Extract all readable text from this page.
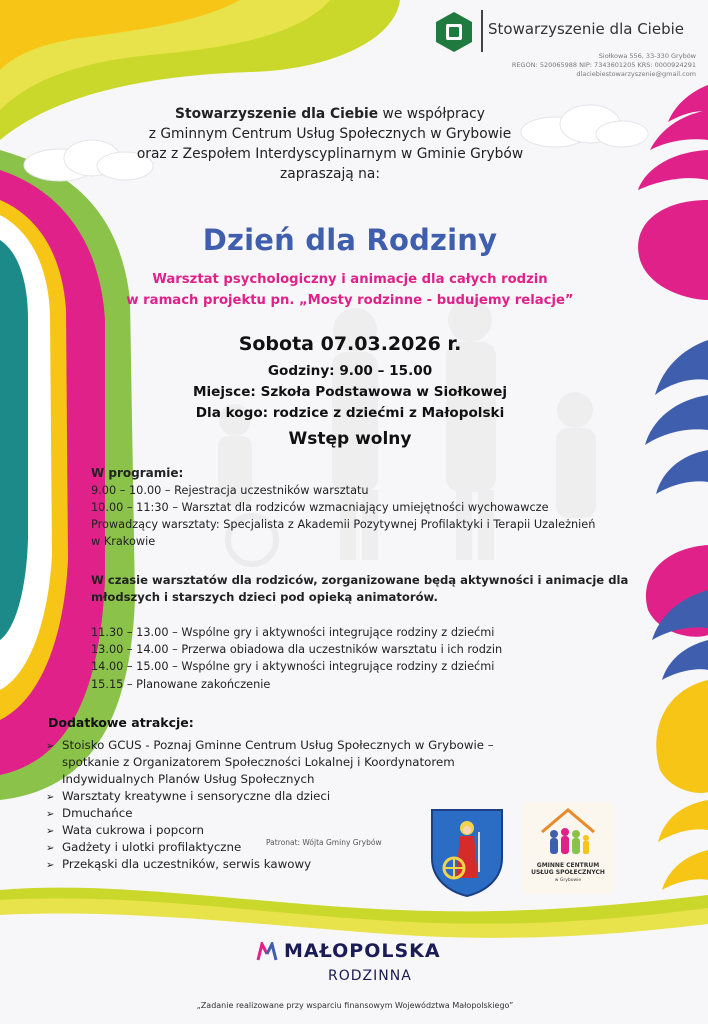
Stowarzyszenie dla Ciebie
Siołkowa 556, 33-330 Grybów
REGON: 520065988 NIP: 7343601205 KRS: 0000924291
dlaciebiestowarzyszenie@gmail.com
Stowarzyszenie dla Ciebie we współpracy
z Gminnym Centrum Usług Społecznych w Grybowie
oraz z Zespołem Interdyscyplinarnym w Gminie Grybów
zapraszają na:
Dzień dla Rodziny
Warsztat psychologiczny i animacje dla całych rodzin
w ramach projektu pn. „Mosty rodzinne - budujemy relacje”
Sobota 07.03.2026 r.
Godziny: 9.00 – 15.00
Miejsce: Szkoła Podstawowa w Siołkowej
Dla kogo: rodzice z dziećmi z Małopolski
Wstęp wolny
W programie:
9.00 – 10.00 – Rejestracja uczestników warsztatu
10.00 – 11:30 – Warsztat dla rodziców wzmacniający umiejętności wychowawcze
Prowadzący warsztaty: Specjalista z Akademii Pozytywnej Profilaktyki i Terapii Uzależnień
w Krakowie
W czasie warsztatów dla rodziców, zorganizowane będą aktywności i animacje dla
młodszych i starszych dzieci pod opieką animatorów.
11.30 – 13.00 – Wspólne gry i aktywności integrujące rodziny z dziećmi
13.00 – 14.00 – Przerwa obiadowa dla uczestników warsztatu i ich rodzin
14.00 – 15.00 – Wspólne gry i aktywności integrujące rodziny z dziećmi
15.15 – Planowane zakończenie
Dodatkowe atrakcje:
➢ Stoisko GCUS - Poznaj Gminne Centrum Usług Społecznych w Grybowie –
spotkanie z Organizatorem Społeczności Lokalnej i Koordynatorem
Indywidualnych Planów Usług Społecznych
➢ Warsztaty kreatywne i sensoryczne dla dzieci
➢ Dmuchańce
➢ Wata cukrowa i popcorn
➢ Gadżety i ulotki profilaktyczne
➢ Przekąski dla uczestników, serwis kawowy
Patronat: Wójta Gminy Grybów
GMINNE CENTRUM
USŁUG SPOŁECZNYCH
w Grybowie
MAŁOPOLSKA
RODZINNA
„Zadanie realizowane przy wsparciu finansowym Województwa Małopolskiego”
